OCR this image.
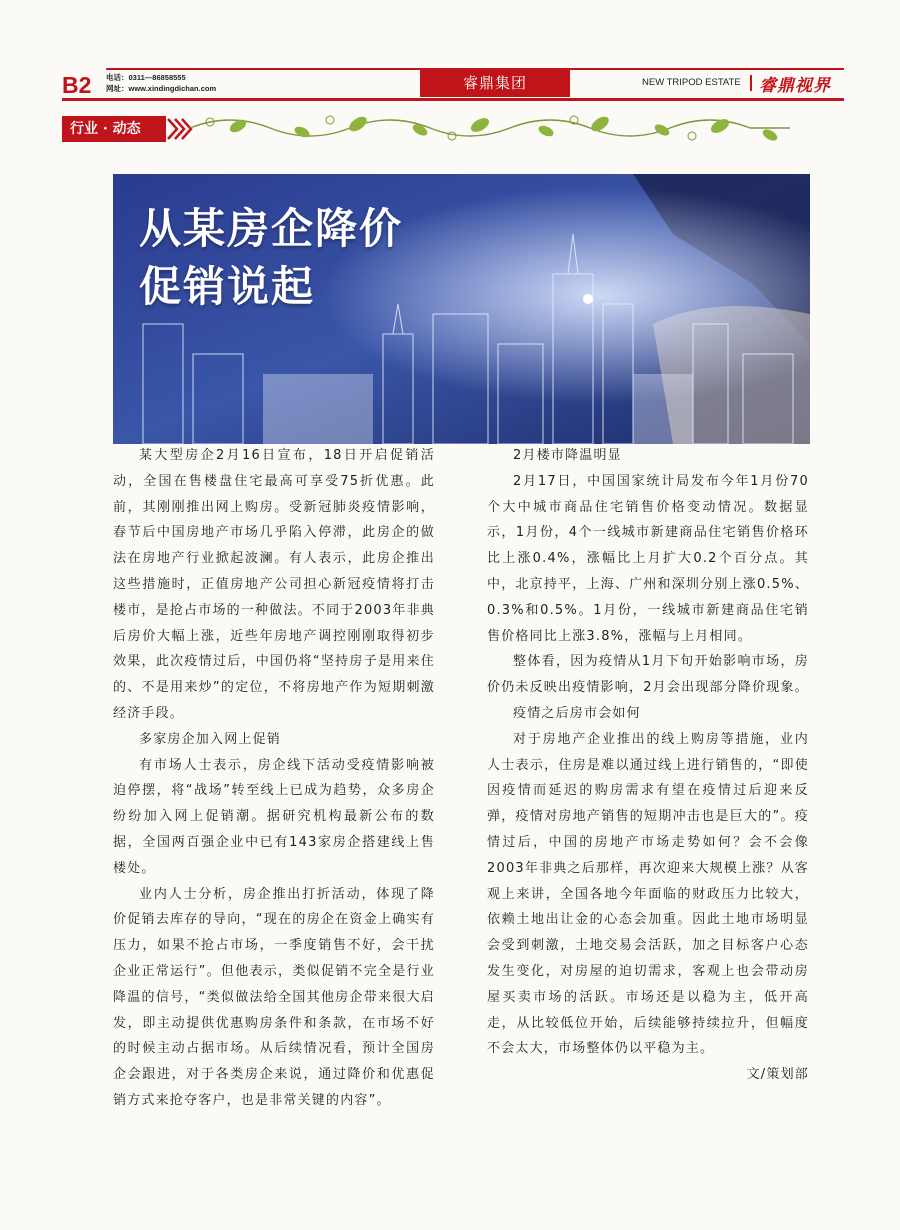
B2 电话：0311—86858555
网址：www.xindingdichan.com	睿鼎集团	NEW TRIPOD ESTATE 睿鼎视界
行业 · 动态
从某房企降价
促销说起

某大型房企2月16日宣布，18日开启促销活动，全国在售楼盘住宅最高可享受75折优惠。此前，其刚刚推出网上购房。受新冠肺炎疫情影响，春节后中国房地产市场几乎陷入停滞，此房企的做法在房地产行业掀起波澜。有人表示，此房企推出这些措施时，正值房地产公司担心新冠疫情将打击楼市，是抢占市场的一种做法。不同于2003年非典后房价大幅上涨，近些年房地产调控刚刚取得初步效果，此次疫情过后，中国仍将“坚持房子是用来住的、不是用来炒”的定位，不将房地产作为短期刺激经济手段。

多家房企加入网上促销

有市场人士表示，房企线下活动受疫情影响被迫停摆，将“战场”转至线上已成为趋势，众多房企纷纷加入网上促销潮。据研究机构最新公布的数据，全国两百强企业中已有143家房企搭建线上售楼处。

业内人士分析，房企推出打折活动，体现了降价促销去库存的导向，“现在的房企在资金上确实有压力，如果不抢占市场，一季度销售不好，会干扰企业正常运行”。但他表示，类似促销不完全是行业降温的信号，“类似做法给全国其他房企带来很大启发，即主动提供优惠购房条件和条款，在市场不好的时候主动占据市场。从后续情况看，预计全国房企会跟进，对于各类房企来说，通过降价和优惠促销方式来抢夺客户，也是非常关键的内容”。

2月楼市降温明显

2月17日，中国国家统计局发布今年1月份70个大中城市商品住宅销售价格变动情况。数据显示，1月份，4个一线城市新建商品住宅销售价格环比上涨0.4%，涨幅比上月扩大0.2个百分点。其中，北京持平，上海、广州和深圳分别上涨0.5%、0.3%和0.5%。1月份，一线城市新建商品住宅销售价格同比上涨3.8%，涨幅与上月相同。

整体看，因为疫情从1月下旬开始影响市场，房价仍未反映出疫情影响，2月会出现部分降价现象。

疫情之后房市会如何

对于房地产企业推出的线上购房等措施，业内人士表示，住房是难以通过线上进行销售的，“即使因疫情而延迟的购房需求有望在疫情过后迎来反弹，疫情对房地产销售的短期冲击也是巨大的”。疫情过后，中国的房地产市场走势如何？会不会像2003年非典之后那样，再次迎来大规模上涨？从客观上来讲，全国各地今年面临的财政压力比较大，依赖土地出让金的心态会加重。因此土地市场明显会受到刺激，土地交易会活跃，加之目标客户心态发生变化，对房屋的迫切需求，客观上也会带动房屋买卖市场的活跃。市场还是以稳为主，低开高走，从比较低位开始，后续能够持续拉升，但幅度不会太大，市场整体仍以平稳为主。

文/策划部
